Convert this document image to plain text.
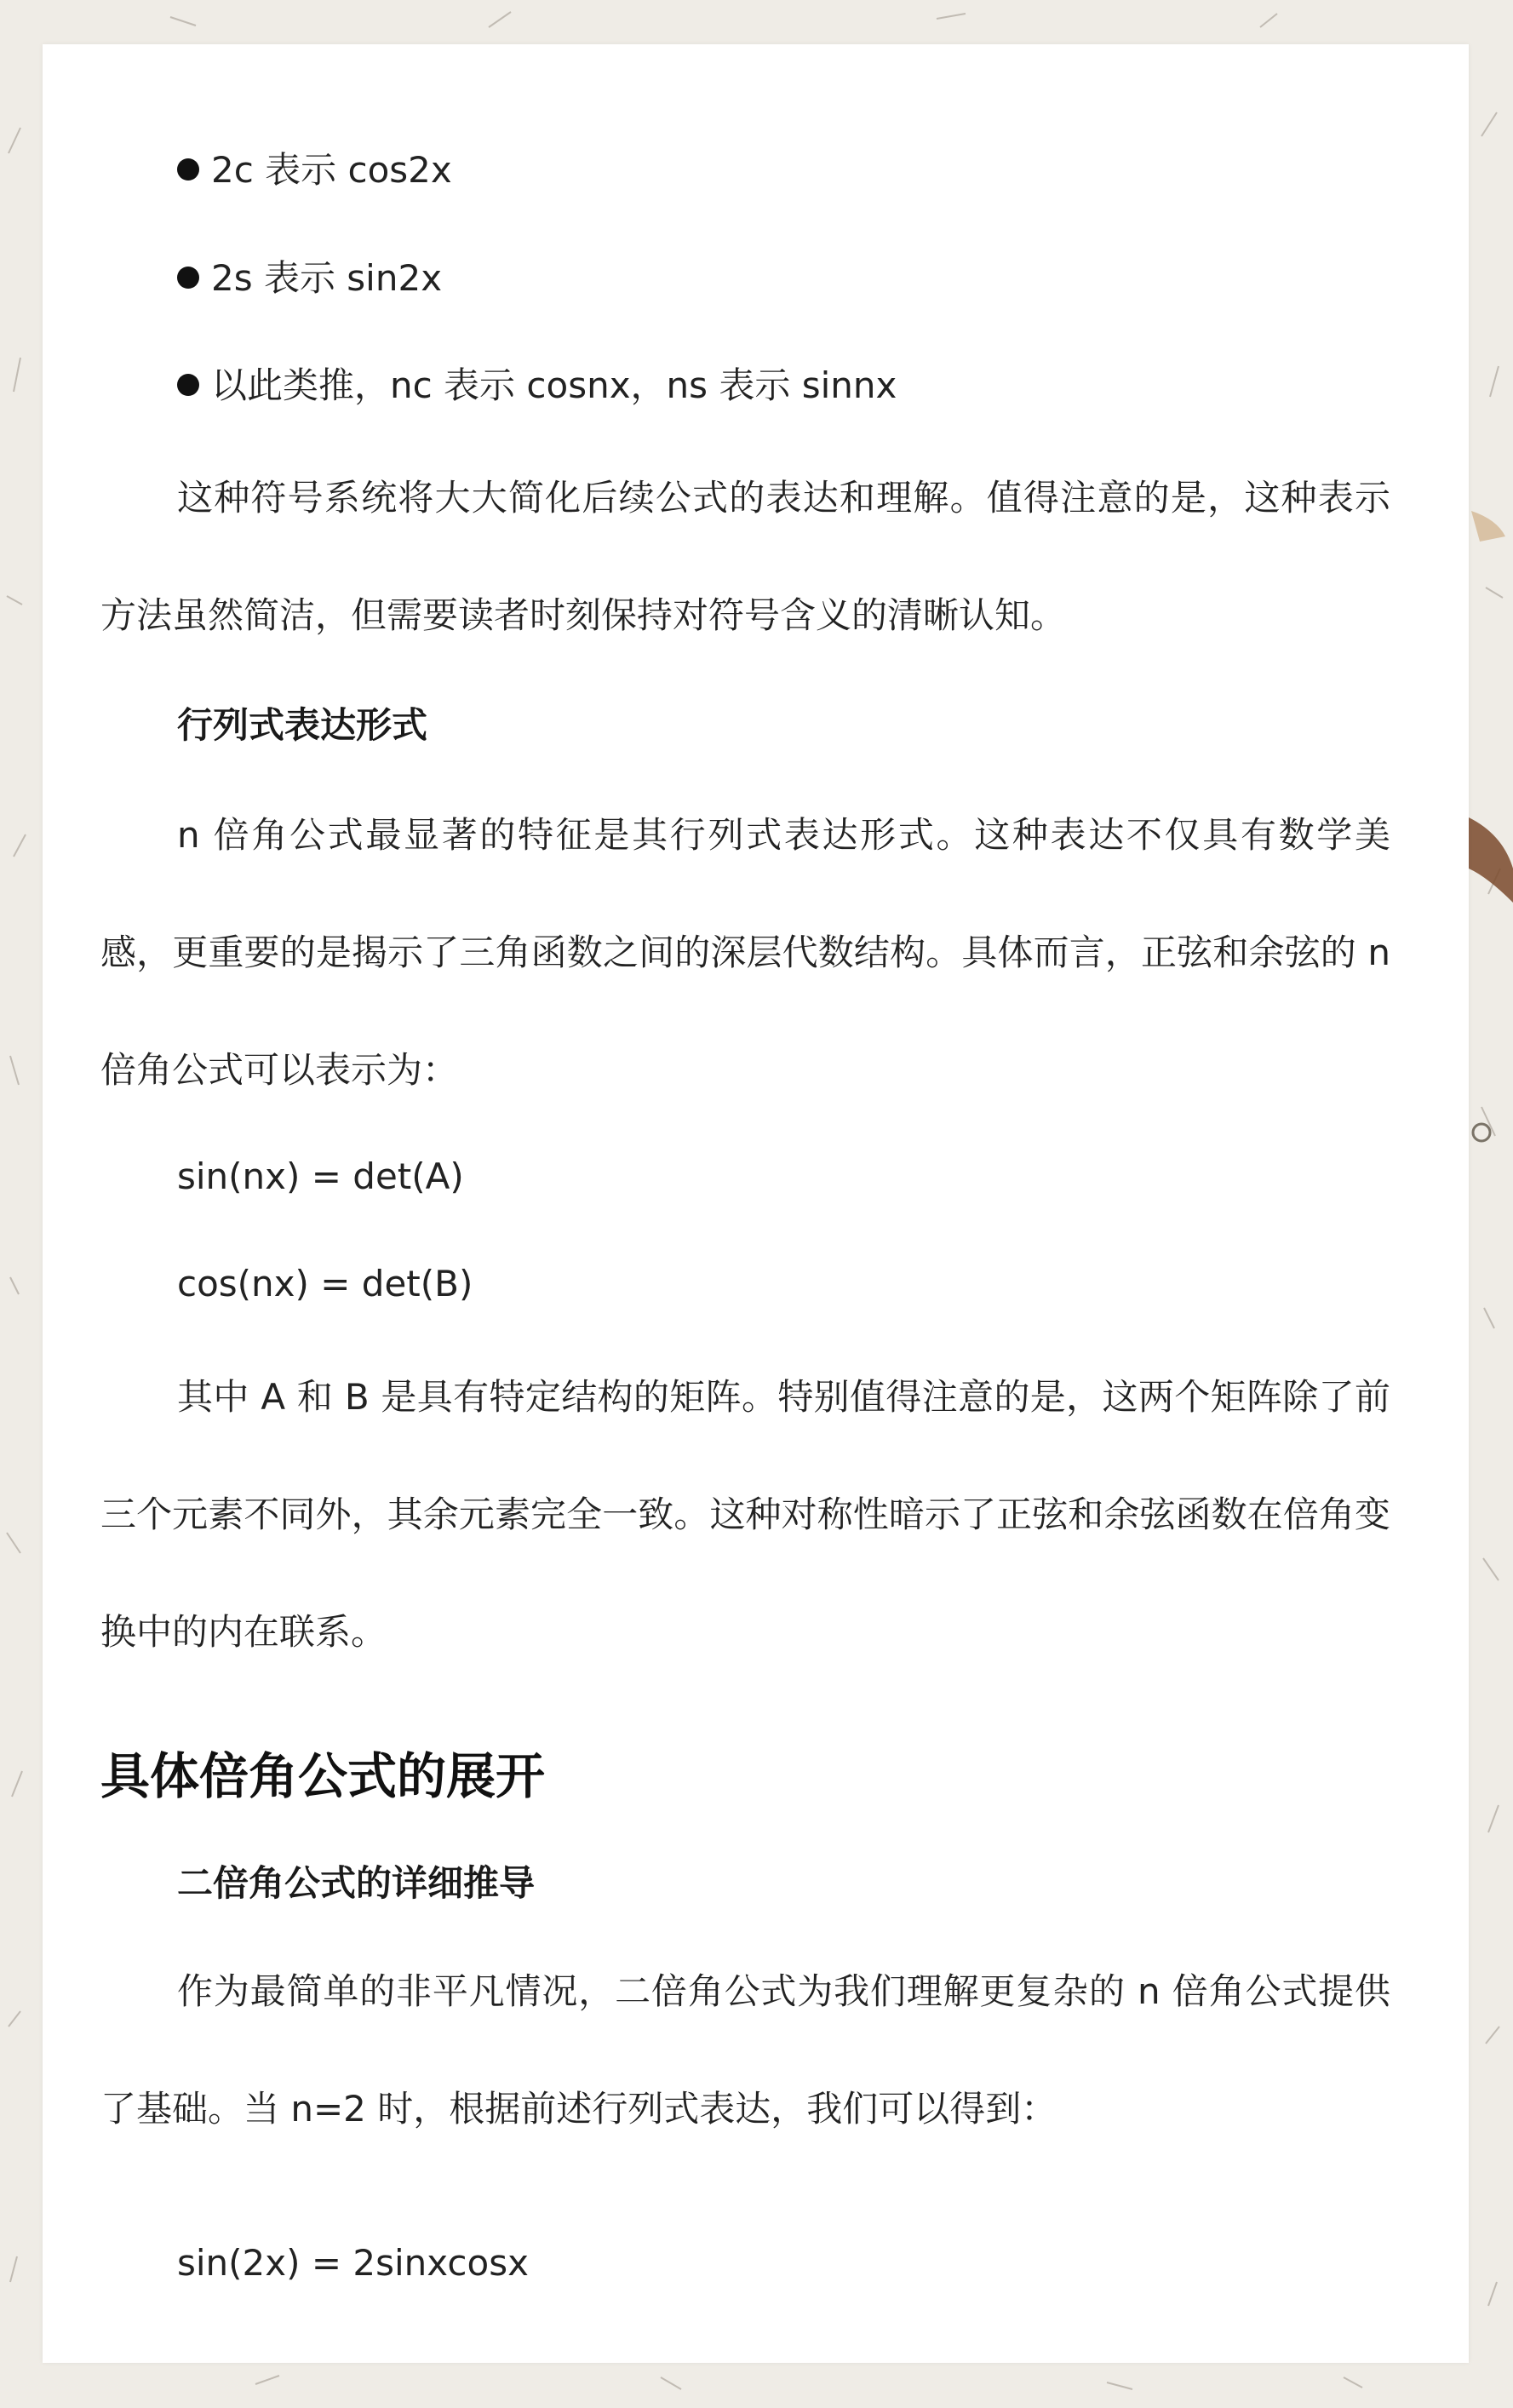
2c 表示 cos2x
2s 表示 sin2x
以此类推，nc 表示 cosnx，ns 表示 sinnx

这种符号系统将大大简化后续公式的表达和理解。值得注意的是，这种表示方法虽然简洁，但需要读者时刻保持对符号含义的清晰认知。

行列式表达形式

n 倍角公式最显著的特征是其行列式表达形式。这种表达不仅具有数学美感，更重要的是揭示了三角函数之间的深层代数结构。具体而言，正弦和余弦的 n 倍角公式可以表示为：

sin(nx) = det(A)
cos(nx) = det(B)

其中 A 和 B 是具有特定结构的矩阵。特别值得注意的是，这两个矩阵除了前三个元素不同外，其余元素完全一致。这种对称性暗示了正弦和余弦函数在倍角变换中的内在联系。

具体倍角公式的展开
二倍角公式的详细推导

作为最简单的非平凡情况，二倍角公式为我们理解更复杂的 n 倍角公式提供了基础。当 n=2 时，根据前述行列式表达，我们可以得到：

sin(2x) = 2sinxcosx
